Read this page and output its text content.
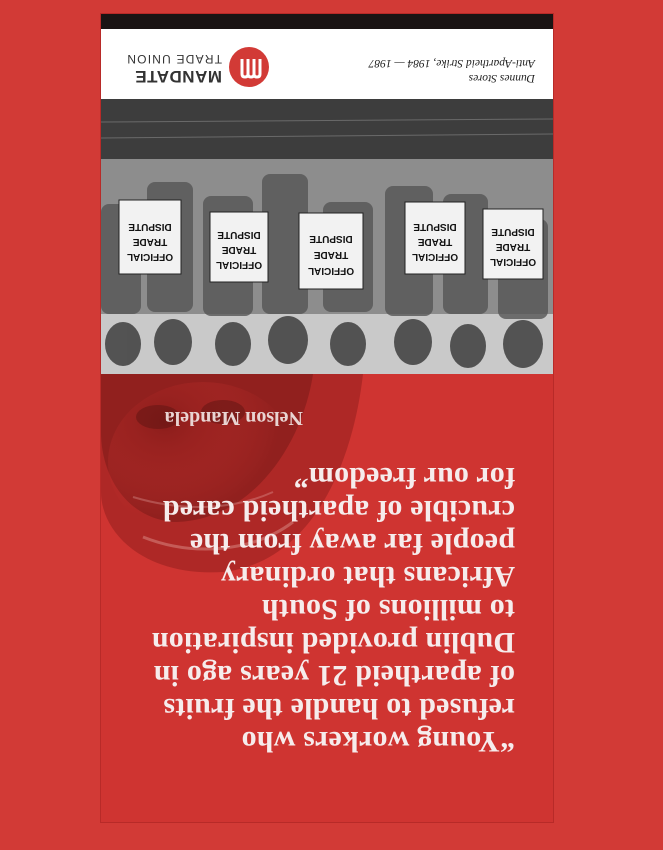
“Young workers who
refused to handle the fruits
of apartheid 21 years ago in
Dublin provided inspiration
to millions of South
Africans that ordinary
people far away from the
crucible of apartheid cared
for our freedom”
Nelson Mandela
OFFICIAL
TRADE
DISPUTE
OFFICIAL
TRADE
DISPUTE
OFFICIAL
TRADE
DISPUTE
OFFICIAL
TRADE
DISPUTE
OFFICIAL
TRADE
DISPUTE
Dunnes Stores
Anti-Apartheid Strike, 1984 — 1987
MANDATE
TRADE UNION
